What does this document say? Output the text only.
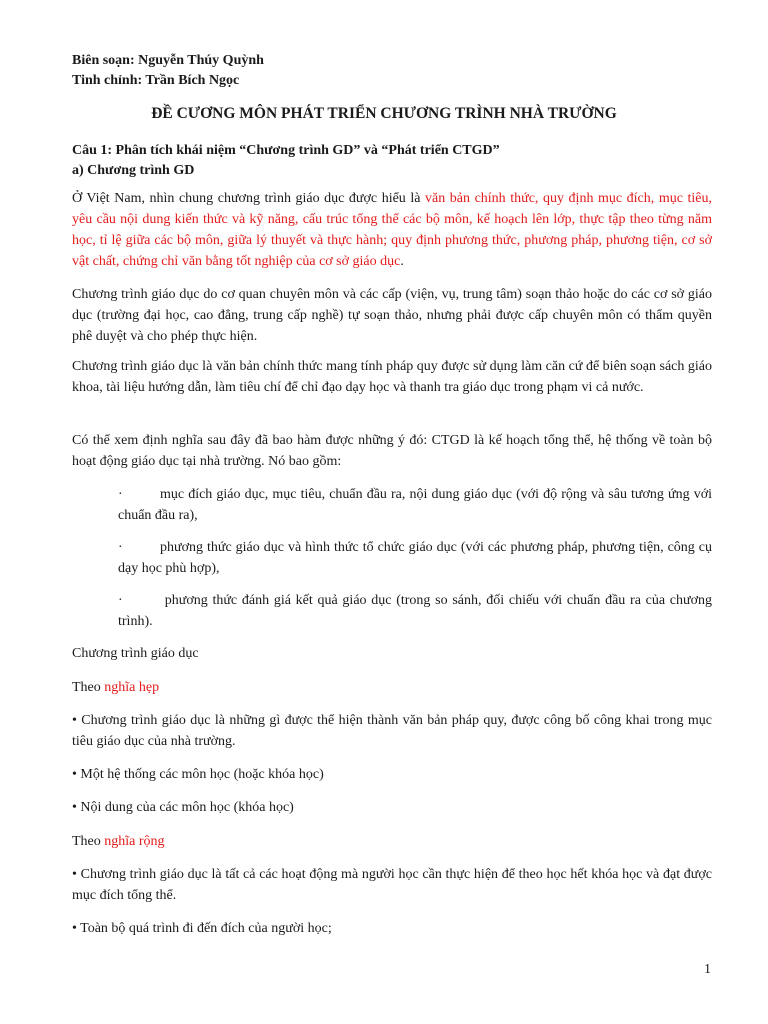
Biên soạn: Nguyễn Thúy Quỳnh
Tinh chỉnh: Trần Bích Ngọc
ĐỀ CƯƠNG MÔN PHÁT TRIỂN CHƯƠNG TRÌNH NHÀ TRƯỜNG
Câu 1: Phân tích khái niệm “Chương trình GD” và “Phát triển CTGD”
a) Chương trình GD
Ở Việt Nam, nhìn chung chương trình giáo dục được hiểu là văn bản chính thức, quy định mục đích, mục tiêu, yêu cầu nội dung kiến thức và kỹ năng, cấu trúc tổng thể các bộ môn, kế hoạch lên lớp, thực tập theo từng năm học, tỉ lệ giữa các bộ môn, giữa lý thuyết và thực hành; quy định phương thức, phương pháp, phương tiện, cơ sở vật chất, chứng chỉ văn bằng tốt nghiệp của cơ sở giáo dục.
Chương trình giáo dục do cơ quan chuyên môn và các cấp (viện, vụ, trung tâm) soạn thảo hoặc do các cơ sở giáo dục (trường đại học, cao đẳng, trung cấp nghề) tự soạn thảo, nhưng phải được cấp chuyên môn có thẩm quyền phê duyệt và cho phép thực hiện.
Chương trình giáo dục là văn bản chính thức mang tính pháp quy được sử dụng làm căn cứ để biên soạn sách giáo khoa, tài liệu hướng dẫn, làm tiêu chí để chỉ đạo dạy học và thanh tra giáo dục trong phạm vi cả nước.
Có thể xem định nghĩa sau đây đã bao hàm được những ý đó: CTGD là kế hoạch tổng thể, hệ thống về toàn bộ hoạt động giáo dục tại nhà trường. Nó bao gồm:
·	mục đích giáo dục, mục tiêu, chuẩn đầu ra, nội dung giáo dục (với độ rộng và sâu tương ứng với chuẩn đầu ra),
·	phương thức giáo dục và hình thức tổ chức giáo dục (với các phương pháp, phương tiện, công cụ dạy học phù hợp),
·	phương thức đánh giá kết quả giáo dục (trong so sánh, đối chiếu với chuẩn đầu ra của chương trình).
Chương trình giáo dục
Theo nghĩa hẹp
• Chương trình giáo dục là những gì được thể hiện thành văn bản pháp quy, được công bố công khai trong mục tiêu giáo dục của nhà trường.
• Một hệ thống các môn học (hoặc khóa học)
• Nội dung của các môn học (khóa học)
Theo nghĩa rộng
• Chương trình giáo dục là tất cả các hoạt động mà người học cần thực hiện để theo học hết khóa học và đạt được mục đích tổng thể.
• Toàn bộ quá trình đi đến đích của người học;
1
